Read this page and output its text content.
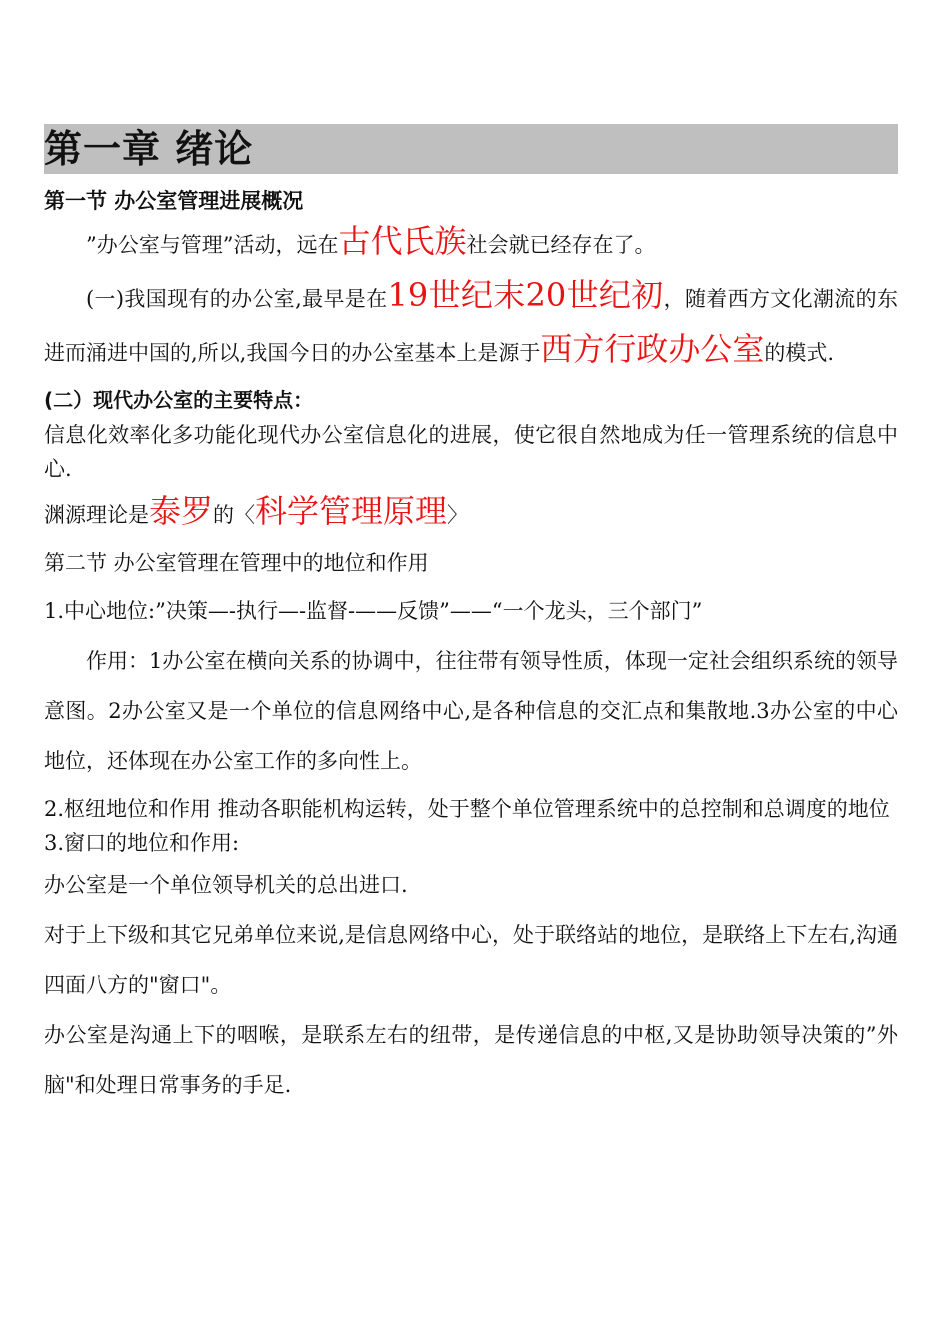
第一章 绪论
第一节 办公室管理进展概况
”办公室与管理”活动，远在古代氏族社会就已经存在了。
(一)我国现有的办公室,最早是在19世纪末20世纪初，随着西方文化潮流的东进而涌进中国的,所以,我国今日的办公室基本上是源于西方行政办公室的模式.
(二）现代办公室的主要特点：
信息化效率化多功能化现代办公室信息化的进展，使它很自然地成为任一管理系统的信息中心.
渊源理论是泰罗的〈科学管理原理〉
第二节 办公室管理在管理中的地位和作用
1.中心地位:”决策—-执行—-监督-——反馈”——“一个龙头，三个部门”
作用：1办公室在横向关系的协调中，往往带有领导性质，体现一定社会组织系统的领导意图。2办公室又是一个单位的信息网络中心,是各种信息的交汇点和集散地.3办公室的中心地位，还体现在办公室工作的多向性上。
2.枢纽地位和作用 推动各职能机构运转，处于整个单位管理系统中的总控制和总调度的地位
3.窗口的地位和作用:
办公室是一个单位领导机关的总出进口.
对于上下级和其它兄弟单位来说,是信息网络中心，处于联络站的地位，是联络上下左右,沟通四面八方的"窗口"。
办公室是沟通上下的咽喉，是联系左右的纽带，是传递信息的中枢,又是协助领导决策的”外脑"和处理日常事务的手足.
